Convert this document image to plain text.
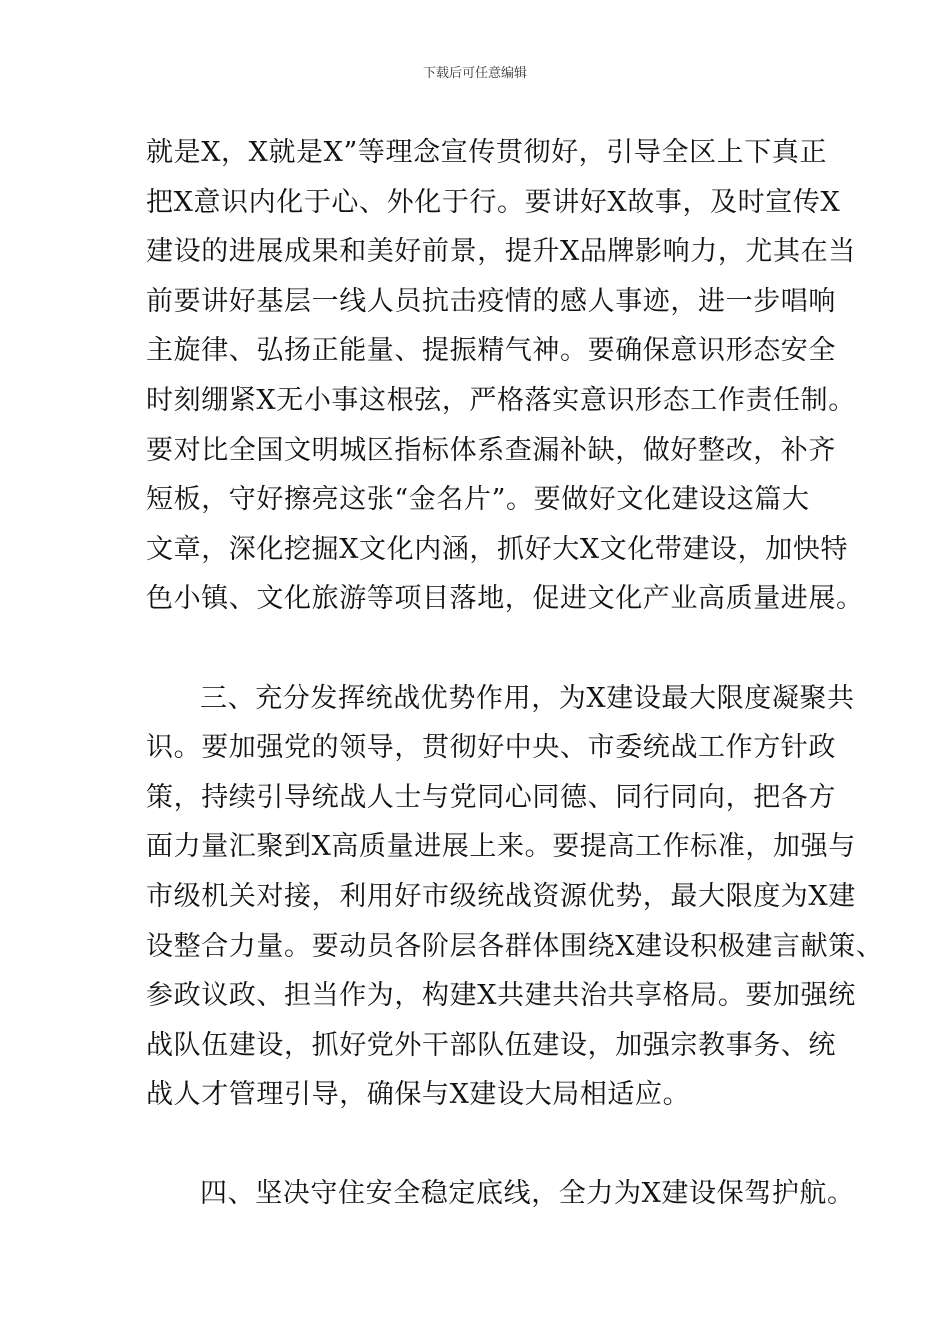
下载后可任意编辑
就是X，X就是X”等理念宣传贯彻好，引导全区上下真正
把X意识内化于心、外化于行。要讲好X故事，及时宣传X
建设的进展成果和美好前景，提升X品牌影响力，尤其在当
前要讲好基层一线人员抗击疫情的感人事迹，进一步唱响
主旋律、弘扬正能量、提振精气神。要确保意识形态安全
时刻绷紧X无小事这根弦，严格落实意识形态工作责任制。
要对比全国文明城区指标体系查漏补缺，做好整改，补齐
短板，守好擦亮这张“金名片”。要做好文化建设这篇大
文章，深化挖掘X文化内涵，抓好大X文化带建设，加快特
色小镇、文化旅游等项目落地，促进文化产业高质量进展。
三、充分发挥统战优势作用，为X建设最大限度凝聚共
识。要加强党的领导，贯彻好中央、市委统战工作方针政
策，持续引导统战人士与党同心同德、同行同向，把各方
面力量汇聚到X高质量进展上来。要提高工作标准，加强与
市级机关对接，利用好市级统战资源优势，最大限度为X建
设整合力量。要动员各阶层各群体围绕X建设积极建言献策、
参政议政、担当作为，构建X共建共治共享格局。要加强统
战队伍建设，抓好党外干部队伍建设，加强宗教事务、统
战人才管理引导，确保与X建设大局相适应。
四、坚决守住安全稳定底线，全力为X建设保驾护航。
